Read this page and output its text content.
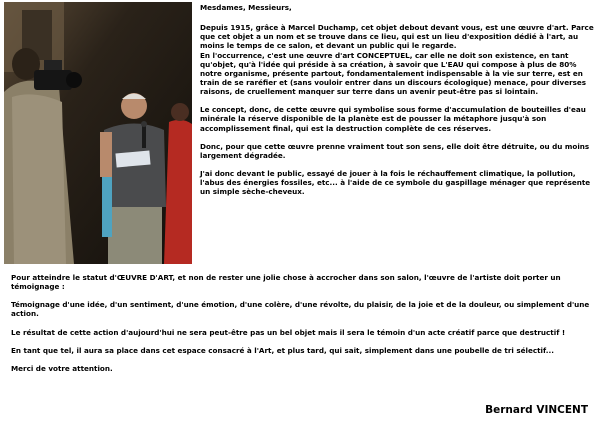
Mesdames, Messieurs,

Depuis 1915, grâce à Marcel Duchamp, cet objet debout devant vous, est une œuvre d'art. Parce que cet objet a un nom et se trouve dans ce lieu, qui est un lieu d'exposition dédié à l'art, au moins le temps de ce salon, et devant un public qui le regarde.

En l'occurrence, c'est une œuvre d'art CONCEPTUEL, car elle ne doit son existence, en tant qu'objet, qu'à l'idée qui préside à sa création, à savoir que L'EAU qui compose à plus de 80% notre organisme, présente partout, fondamentalement indispensable à la vie sur terre, est en train de se raréfier et (sans vouloir entrer dans un discours écologique) menace, pour diverses raisons, de cruellement manquer sur terre dans un avenir peut-être pas si lointain.

Le concept, donc, de cette œuvre qui symbolise sous forme d'accumulation de bouteilles d'eau minérale la réserve disponible de la planète est de pousser la métaphore jusqu'à son accomplissement final, qui est la destruction complète de ces réserves.

Donc, pour que cette œuvre prenne vraiment tout son sens, elle doit être détruite, ou du moins largement dégradée.

J'ai donc devant le public, essayé de jouer à la fois le réchauffement climatique, la pollution, l'abus des énergies fossiles, etc... à l'aide de ce symbole du gaspillage ménager que représente un simple sèche-cheveux.

Pour atteindre le statut d'ŒUVRE D'ART, et non de rester une jolie chose à accrocher dans son salon, l'œuvre de l'artiste doit porter un témoignage :

Témoignage d'une idée, d'un sentiment, d'une émotion, d'une colère, d'une révolte, du plaisir, de la joie et de la douleur, ou simplement d'une action.

Le résultat de cette action d'aujourd'hui ne sera peut-être pas un bel objet mais il sera le témoin d'un acte créatif parce que destructif !

En tant que tel, il aura sa place dans cet espace consacré à l'Art, et plus tard, qui sait, simplement dans une poubelle de tri sélectif...

Merci de votre attention.

Bernard VINCENT
